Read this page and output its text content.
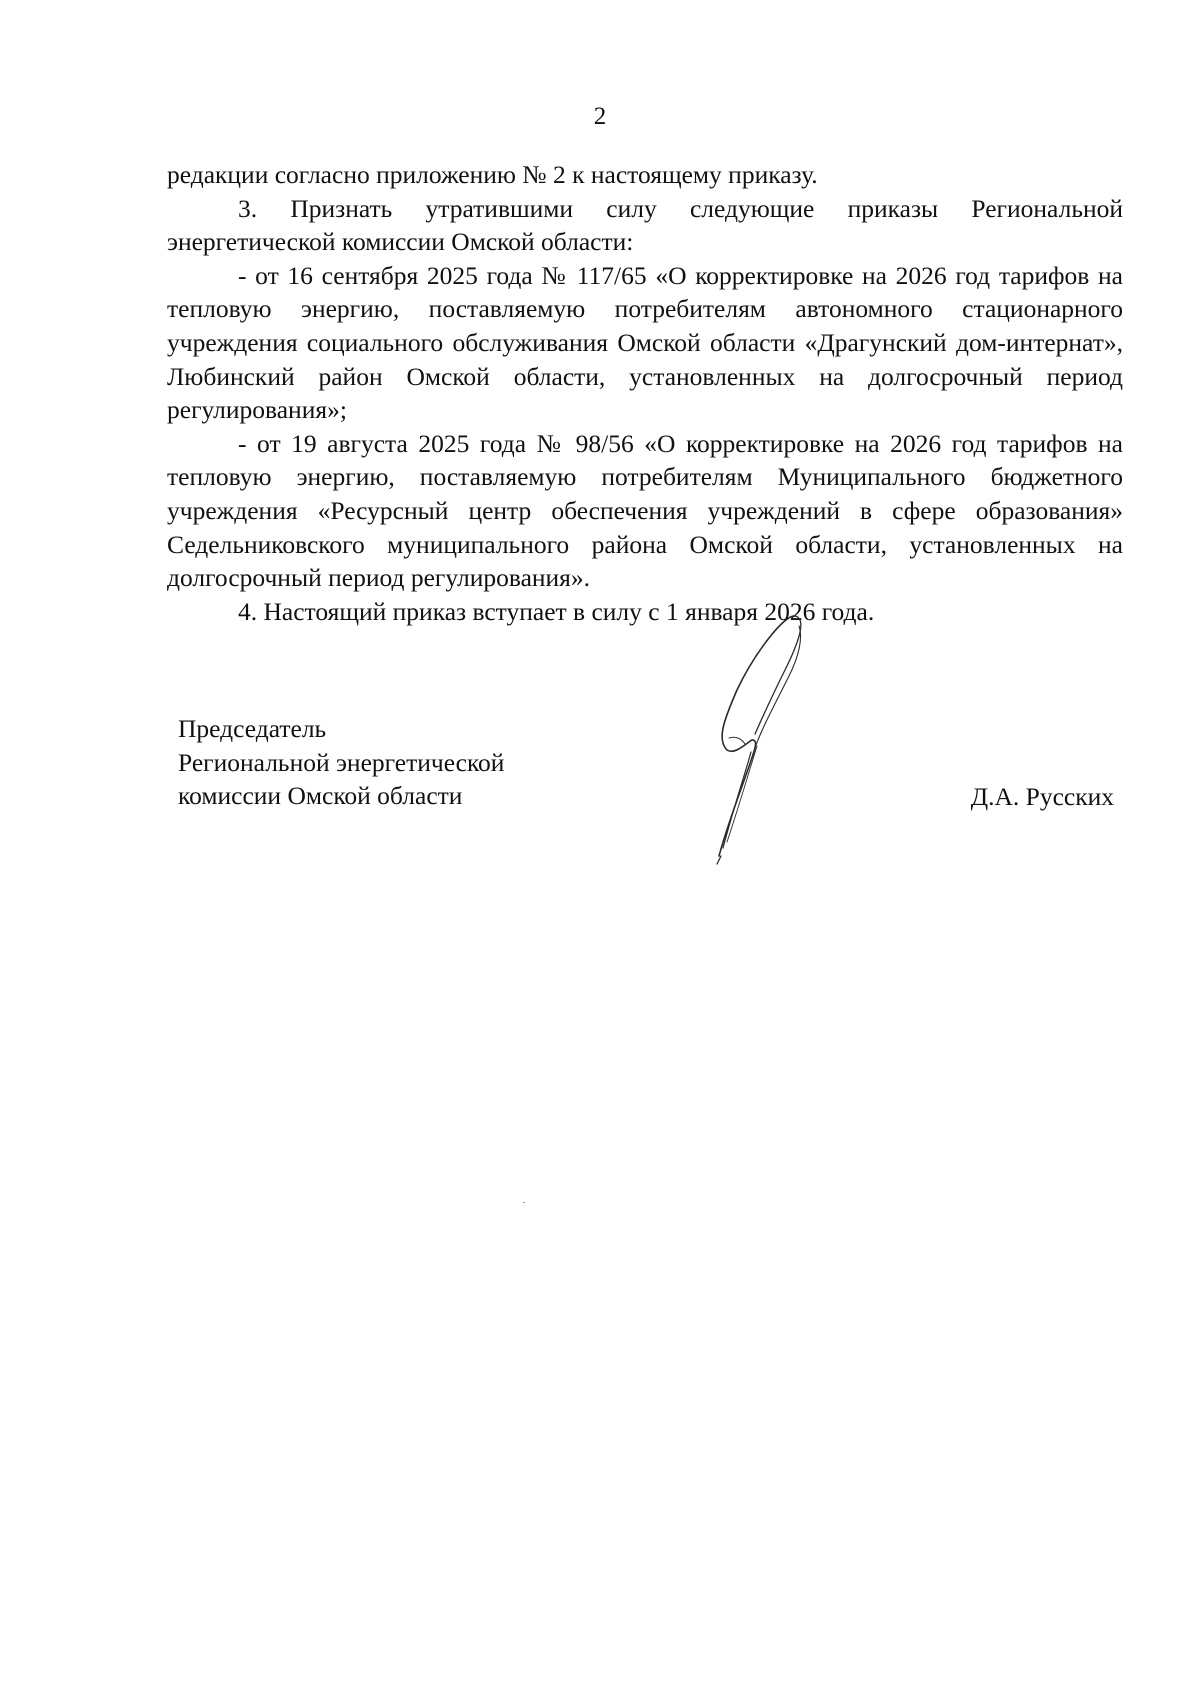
2

редакции согласно приложению № 2 к настоящему приказу.

3. Признать утратившими силу следующие приказы Региональной энергетической комиссии Омской области:

- от 16 сентября 2025 года № 117/65 «О корректировке на 2026 год тарифов на тепловую энергию, поставляемую потребителям автономного стационарного учреждения социального обслуживания Омской области «Драгунский дом-интернат», Любинский район Омской области, установленных на долгосрочный период регулирования»;

- от 19 августа 2025 года № 98/56 «О корректировке на 2026 год тарифов на тепловую энергию, поставляемую потребителям Муниципального бюджетного учреждения «Ресурсный центр обеспечения учреждений в сфере образования» Седельниковского муниципального района Омской области, установленных на долгосрочный период регулирования».

4. Настоящий приказ вступает в силу с 1 января 2026 года.

Председатель
Региональной энергетической
комиссии Омской области	Д.А. Русских
